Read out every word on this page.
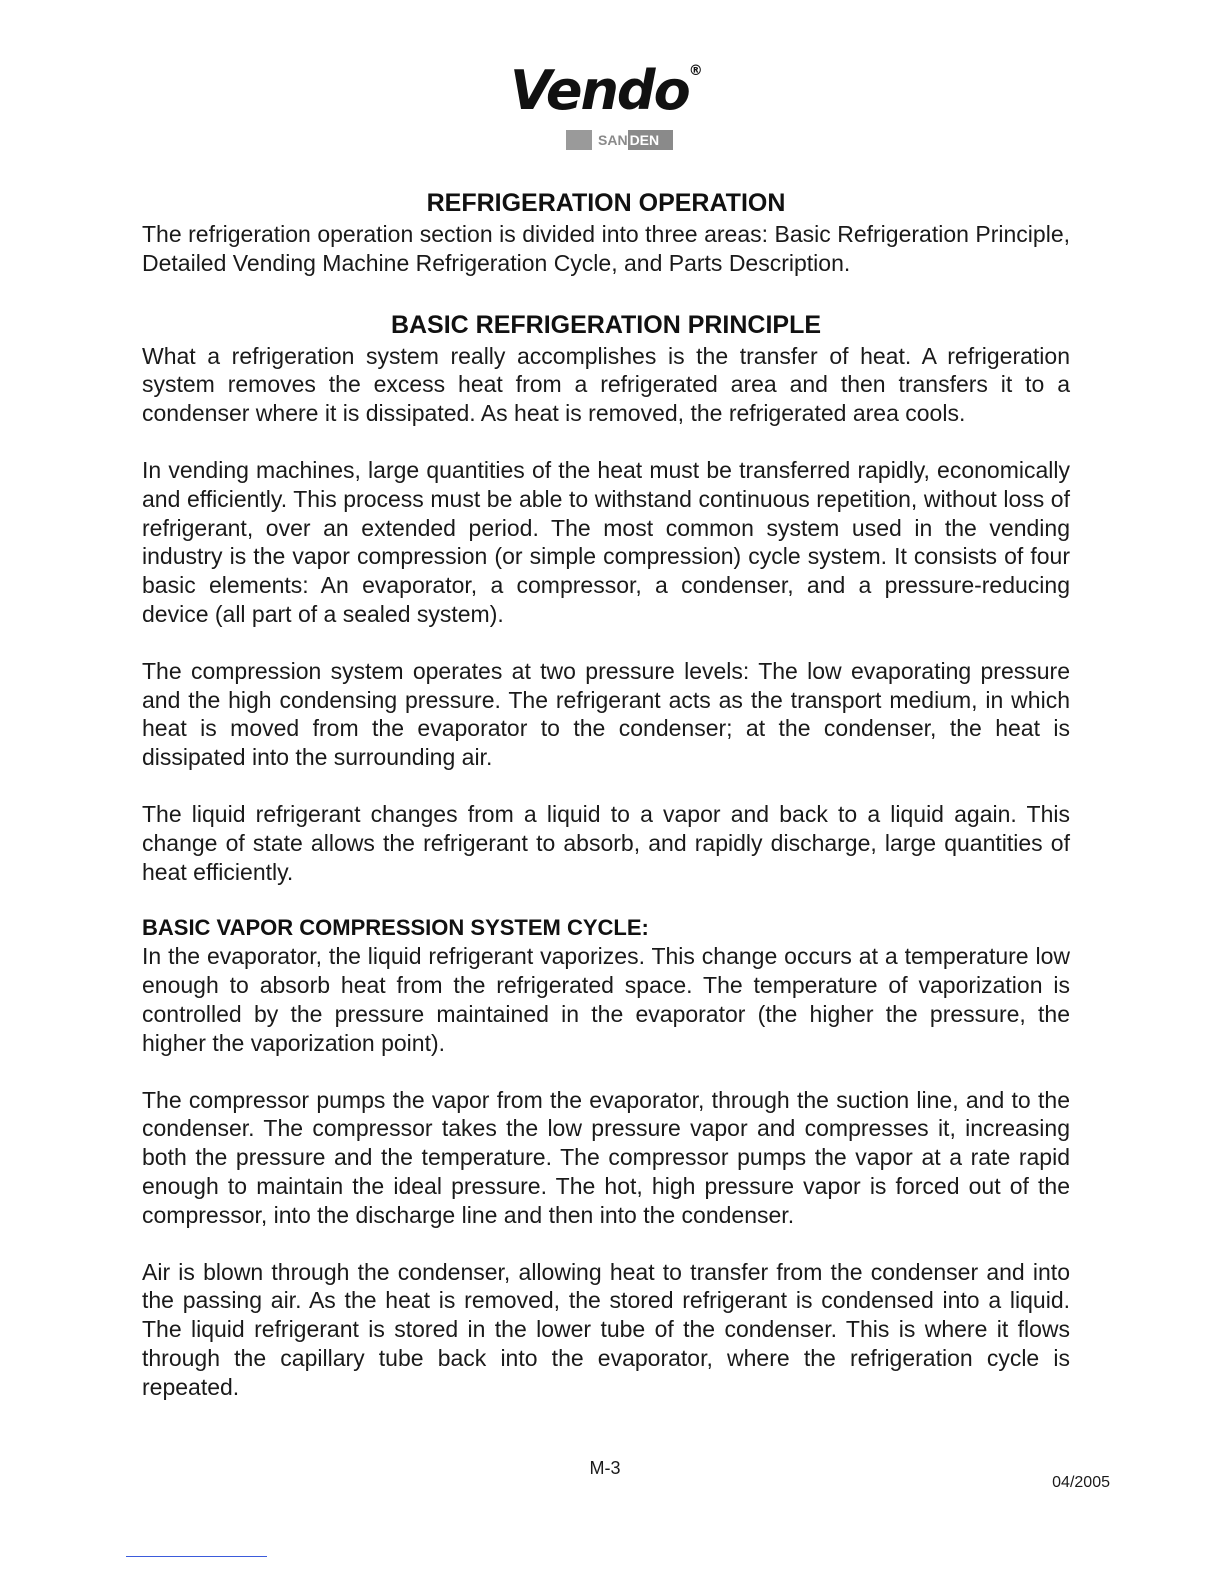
Vendo®
SAN DEN
REFRIGERATION OPERATION

The refrigeration operation section is divided into three areas: Basic Refrigeration Principle, Detailed Vending Machine Refrigeration Cycle, and Parts Description.

BASIC REFRIGERATION PRINCIPLE

What a refrigeration system really accomplishes is the transfer of heat. A refrigeration system removes the excess heat from a refrigerated area and then transfers it to a condenser where it is dissipated. As heat is removed, the refrigerated area cools.

In vending machines, large quantities of the heat must be transferred rapidly, economically and efficiently. This process must be able to withstand continuous repetition, without loss of refrigerant, over an extended period. The most common system used in the vending industry is the vapor compression (or simple compression) cycle system. It consists of four basic elements: An evaporator, a compressor, a condenser, and a pressure-reducing device (all part of a sealed system).

The compression system operates at two pressure levels: The low evaporating pressure and the high condensing pressure. The refrigerant acts as the transport medium, in which heat is moved from the evaporator to the condenser; at the condenser, the heat is dissipated into the surrounding air.

The liquid refrigerant changes from a liquid to a vapor and back to a liquid again. This change of state allows the refrigerant to absorb, and rapidly discharge, large quantities of heat efficiently.

BASIC VAPOR COMPRESSION SYSTEM CYCLE:

In the evaporator, the liquid refrigerant vaporizes. This change occurs at a temperature low enough to absorb heat from the refrigerated space. The temperature of vaporization is controlled by the pressure maintained in the evaporator (the higher the pressure, the higher the vaporization point).

The compressor pumps the vapor from the evaporator, through the suction line, and to the condenser. The compressor takes the low pressure vapor and compresses it, increasing both the pressure and the temperature. The compressor pumps the vapor at a rate rapid enough to maintain the ideal pressure. The hot, high pressure vapor is forced out of the compressor, into the discharge line and then into the condenser.

Air is blown through the condenser, allowing heat to transfer from the condenser and into the passing air. As the heat is removed, the stored refrigerant is condensed into a liquid. The liquid refrigerant is stored in the lower tube of the condenser. This is where it flows through the capillary tube back into the evaporator, where the refrigeration cycle is repeated.

M-3
04/2005
